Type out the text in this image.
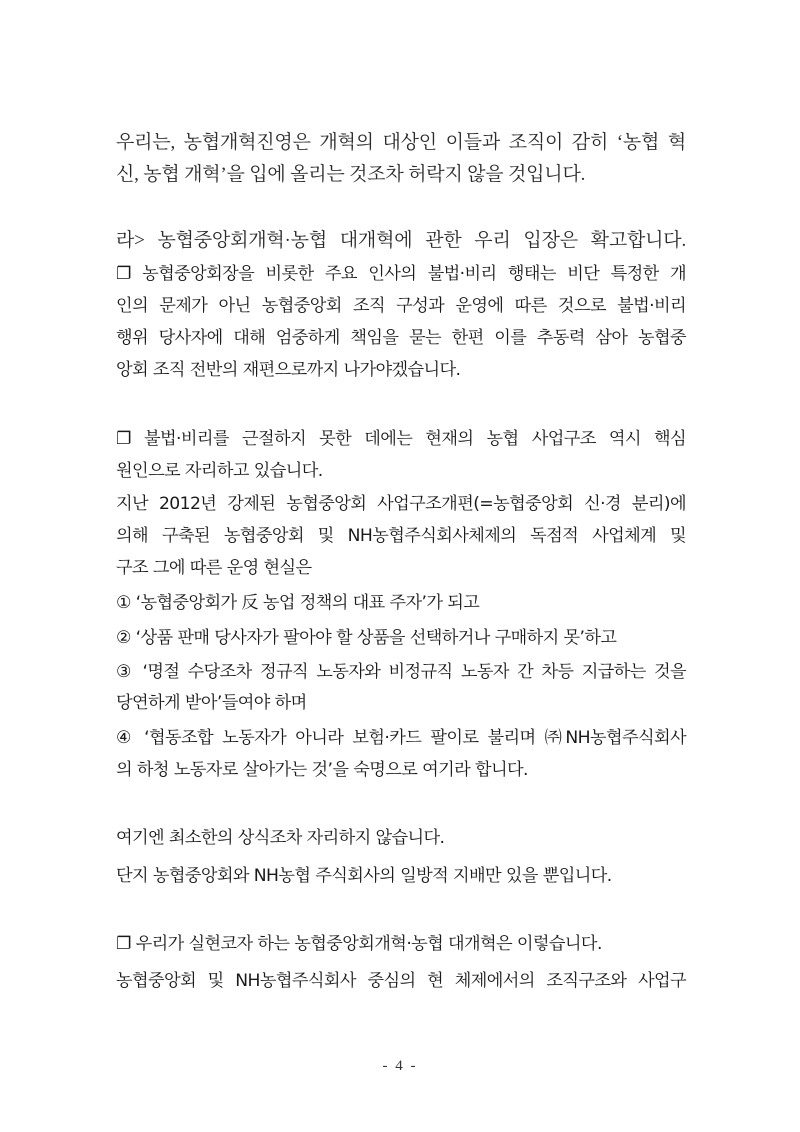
우리는, 농협개혁진영은 개혁의 대상인 이들과 조직이 감히 ‘농협 혁
신, 농협 개혁’을 입에 올리는 것조차 허락지 않을 것입니다.
라> 농협중앙회개혁·농협 대개혁에 관한 우리 입장은 확고합니다.
❐ 농협중앙회장을 비롯한 주요 인사의 불법·비리 행태는 비단 특정한 개
인의 문제가 아닌 농협중앙회 조직 구성과 운영에 따른 것으로 불법·비리
행위 당사자에 대해 엄중하게 책임을 묻는 한편 이를 추동력 삼아 농협중
앙회 조직 전반의 재편으로까지 나가야겠습니다.
❐ 불법·비리를 근절하지 못한 데에는 현재의 농협 사업구조 역시 핵심
원인으로 자리하고 있습니다.
지난 2012년 강제된 농협중앙회 사업구조개편(=농협중앙회 신·경 분리)에
의해 구축된 농협중앙회 및 NH농협주식회사체제의 독점적 사업체계 및
구조 그에 따른 운영 현실은
① ‘농협중앙회가 反 농업 정책의 대표 주자’가 되고
② ‘상품 판매 당사자가 팔아야 할 상품을 선택하거나 구매하지 못’하고
③ ‘명절 수당조차 정규직 노동자와 비정규직 노동자 간 차등 지급하는 것을
당연하게 받아’들여야 하며
④ ‘협동조합 노동자가 아니라 보험·카드 팔이로 불리며 ㈜NH농협주식회사
의 하청 노동자로 살아가는 것’을 숙명으로 여기라 합니다.
여기엔 최소한의 상식조차 자리하지 않습니다.
단지 농협중앙회와 NH농협 주식회사의 일방적 지배만 있을 뿐입니다.
❐ 우리가 실현코자 하는 농협중앙회개혁·농협 대개혁은 이렇습니다.
농협중앙회 및 NH농협주식회사 중심의 현 체제에서의 조직구조와 사업구
- 4 -
